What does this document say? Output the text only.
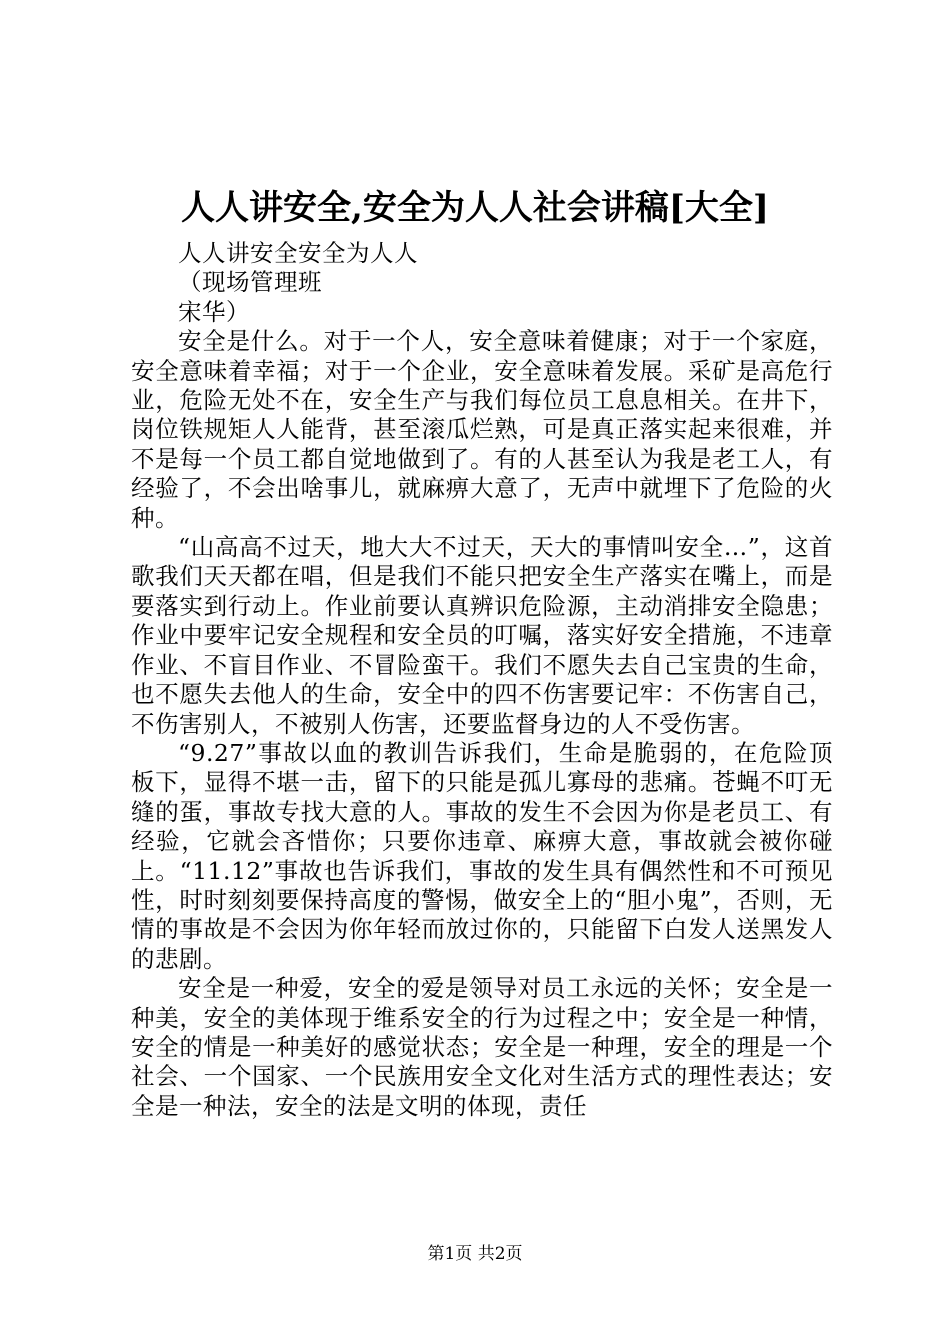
人人讲安全,安全为人人社会讲稿[大全]

人人讲安全安全为人人

（现场管理班

宋华）

安全是什么。对于一个人，安全意味着健康；对于一个家庭，安全意味着幸福；对于一个企业，安全意味着发展。采矿是高危行业，危险无处不在，安全生产与我们每位员工息息相关。在井下，岗位铁规矩人人能背，甚至滚瓜烂熟，可是真正落实起来很难，并不是每一个员工都自觉地做到了。有的人甚至认为我是老工人，有经验了，不会出啥事儿，就麻痹大意了，无声中就埋下了危险的火种。

“山高高不过天，地大大不过天，天大的事情叫安全…”，这首歌我们天天都在唱，但是我们不能只把安全生产落实在嘴上，而是要落实到行动上。作业前要认真辨识危险源，主动消排安全隐患；作业中要牢记安全规程和安全员的叮嘱，落实好安全措施，不违章作业、不盲目作业、不冒险蛮干。我们不愿失去自己宝贵的生命，也不愿失去他人的生命，安全中的四不伤害要记牢：不伤害自己，不伤害别人，不被别人伤害，还要监督身边的人不受伤害。

“9.27”事故以血的教训告诉我们，生命是脆弱的，在危险顶板下，显得不堪一击，留下的只能是孤儿寡母的悲痛。苍蝇不叮无缝的蛋，事故专找大意的人。事故的发生不会因为你是老员工、有经验，它就会吝惜你；只要你违章、麻痹大意，事故就会被你碰上。“11.12”事故也告诉我们，事故的发生具有偶然性和不可预见性，时时刻刻要保持高度的警惕，做安全上的“胆小鬼”，否则，无情的事故是不会因为你年轻而放过你的，只能留下白发人送黑发人的悲剧。

安全是一种爱，安全的爱是领导对员工永远的关怀；安全是一种美，安全的美体现于维系安全的行为过程之中；安全是一种情，安全的情是一种美好的感觉状态；安全是一种理，安全的理是一个社会、一个国家、一个民族用安全文化对生活方式的理性表达；安全是一种法，安全的法是文明的体现，责任

第1页 共2页
